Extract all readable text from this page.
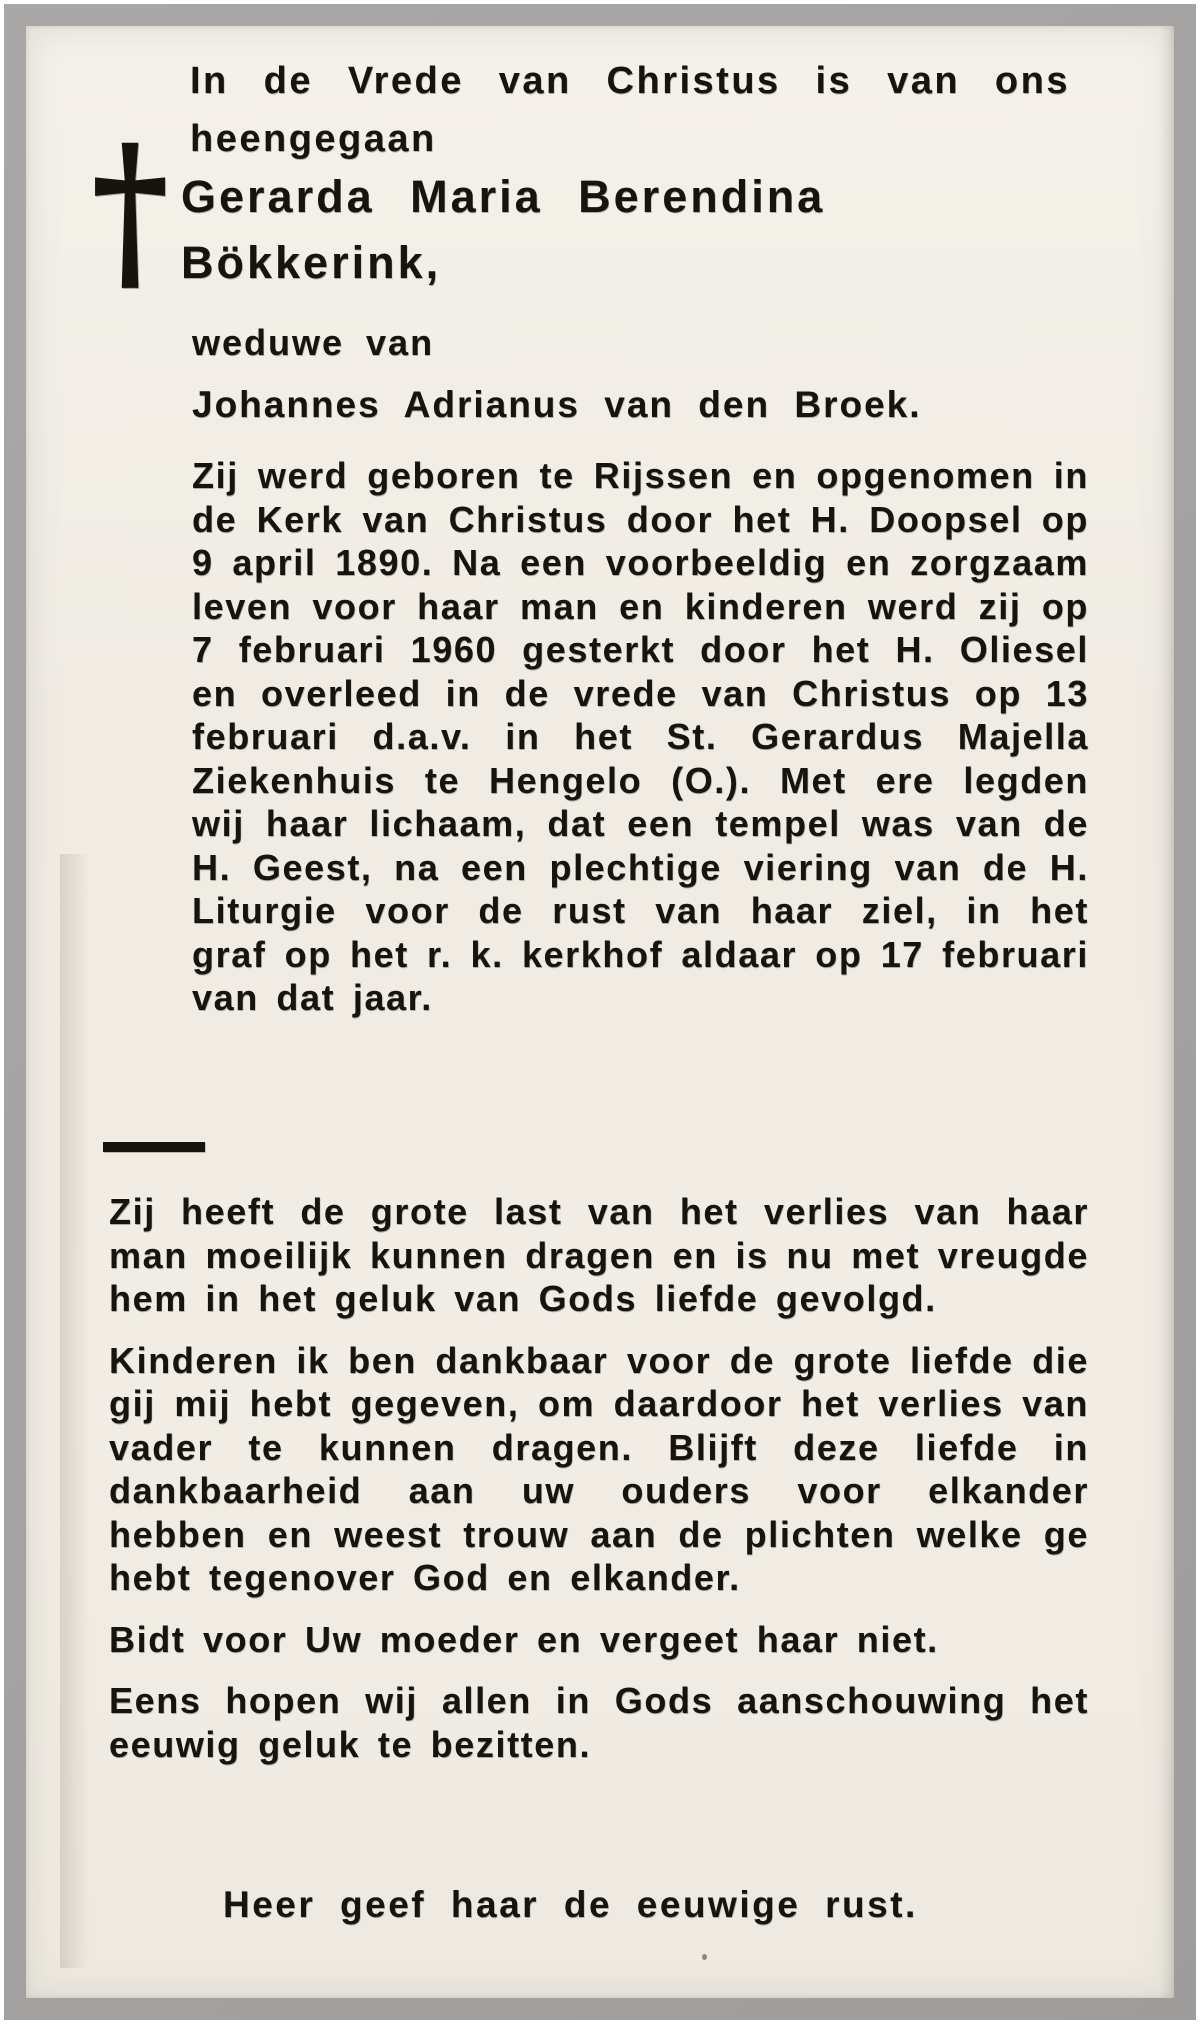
In de Vrede van Christus is van ons heengegaan
† Gerarda Maria Berendina Bökkerink,
weduwe van
Johannes Adrianus van den Broek.

Zij werd geboren te Rijssen en opgenomen in de Kerk van Christus door het H. Doopsel op 9 april 1890. Na een voorbeeldig en zorgzaam leven voor haar man en kinderen werd zij op 7 februari 1960 gesterkt door het H. Oliesel en overleed in de vrede van Christus op 13 februari d.a.v. in het St. Gerardus Majella Ziekenhuis te Hengelo (O.). Met ere legden wij haar lichaam, dat een tempel was van de H. Geest, na een plechtige viering van de H. Liturgie voor de rust van haar ziel, in het graf op het r. k. kerkhof aldaar op 17 februari van dat jaar.

Zij heeft de grote last van het verlies van haar man moeilijk kunnen dragen en is nu met vreugde hem in het geluk van Gods liefde gevolgd.

Kinderen ik ben dankbaar voor de grote liefde die gij mij hebt gegeven, om daardoor het verlies van vader te kunnen dragen. Blijft deze liefde in dankbaarheid aan uw ouders voor elkander hebben en weest trouw aan de plichten welke ge hebt tegenover God en elkander.

Bidt voor Uw moeder en vergeet haar niet.

Eens hopen wij allen in Gods aanschouwing het eeuwig geluk te bezitten.

Heer geef haar de eeuwige rust.
